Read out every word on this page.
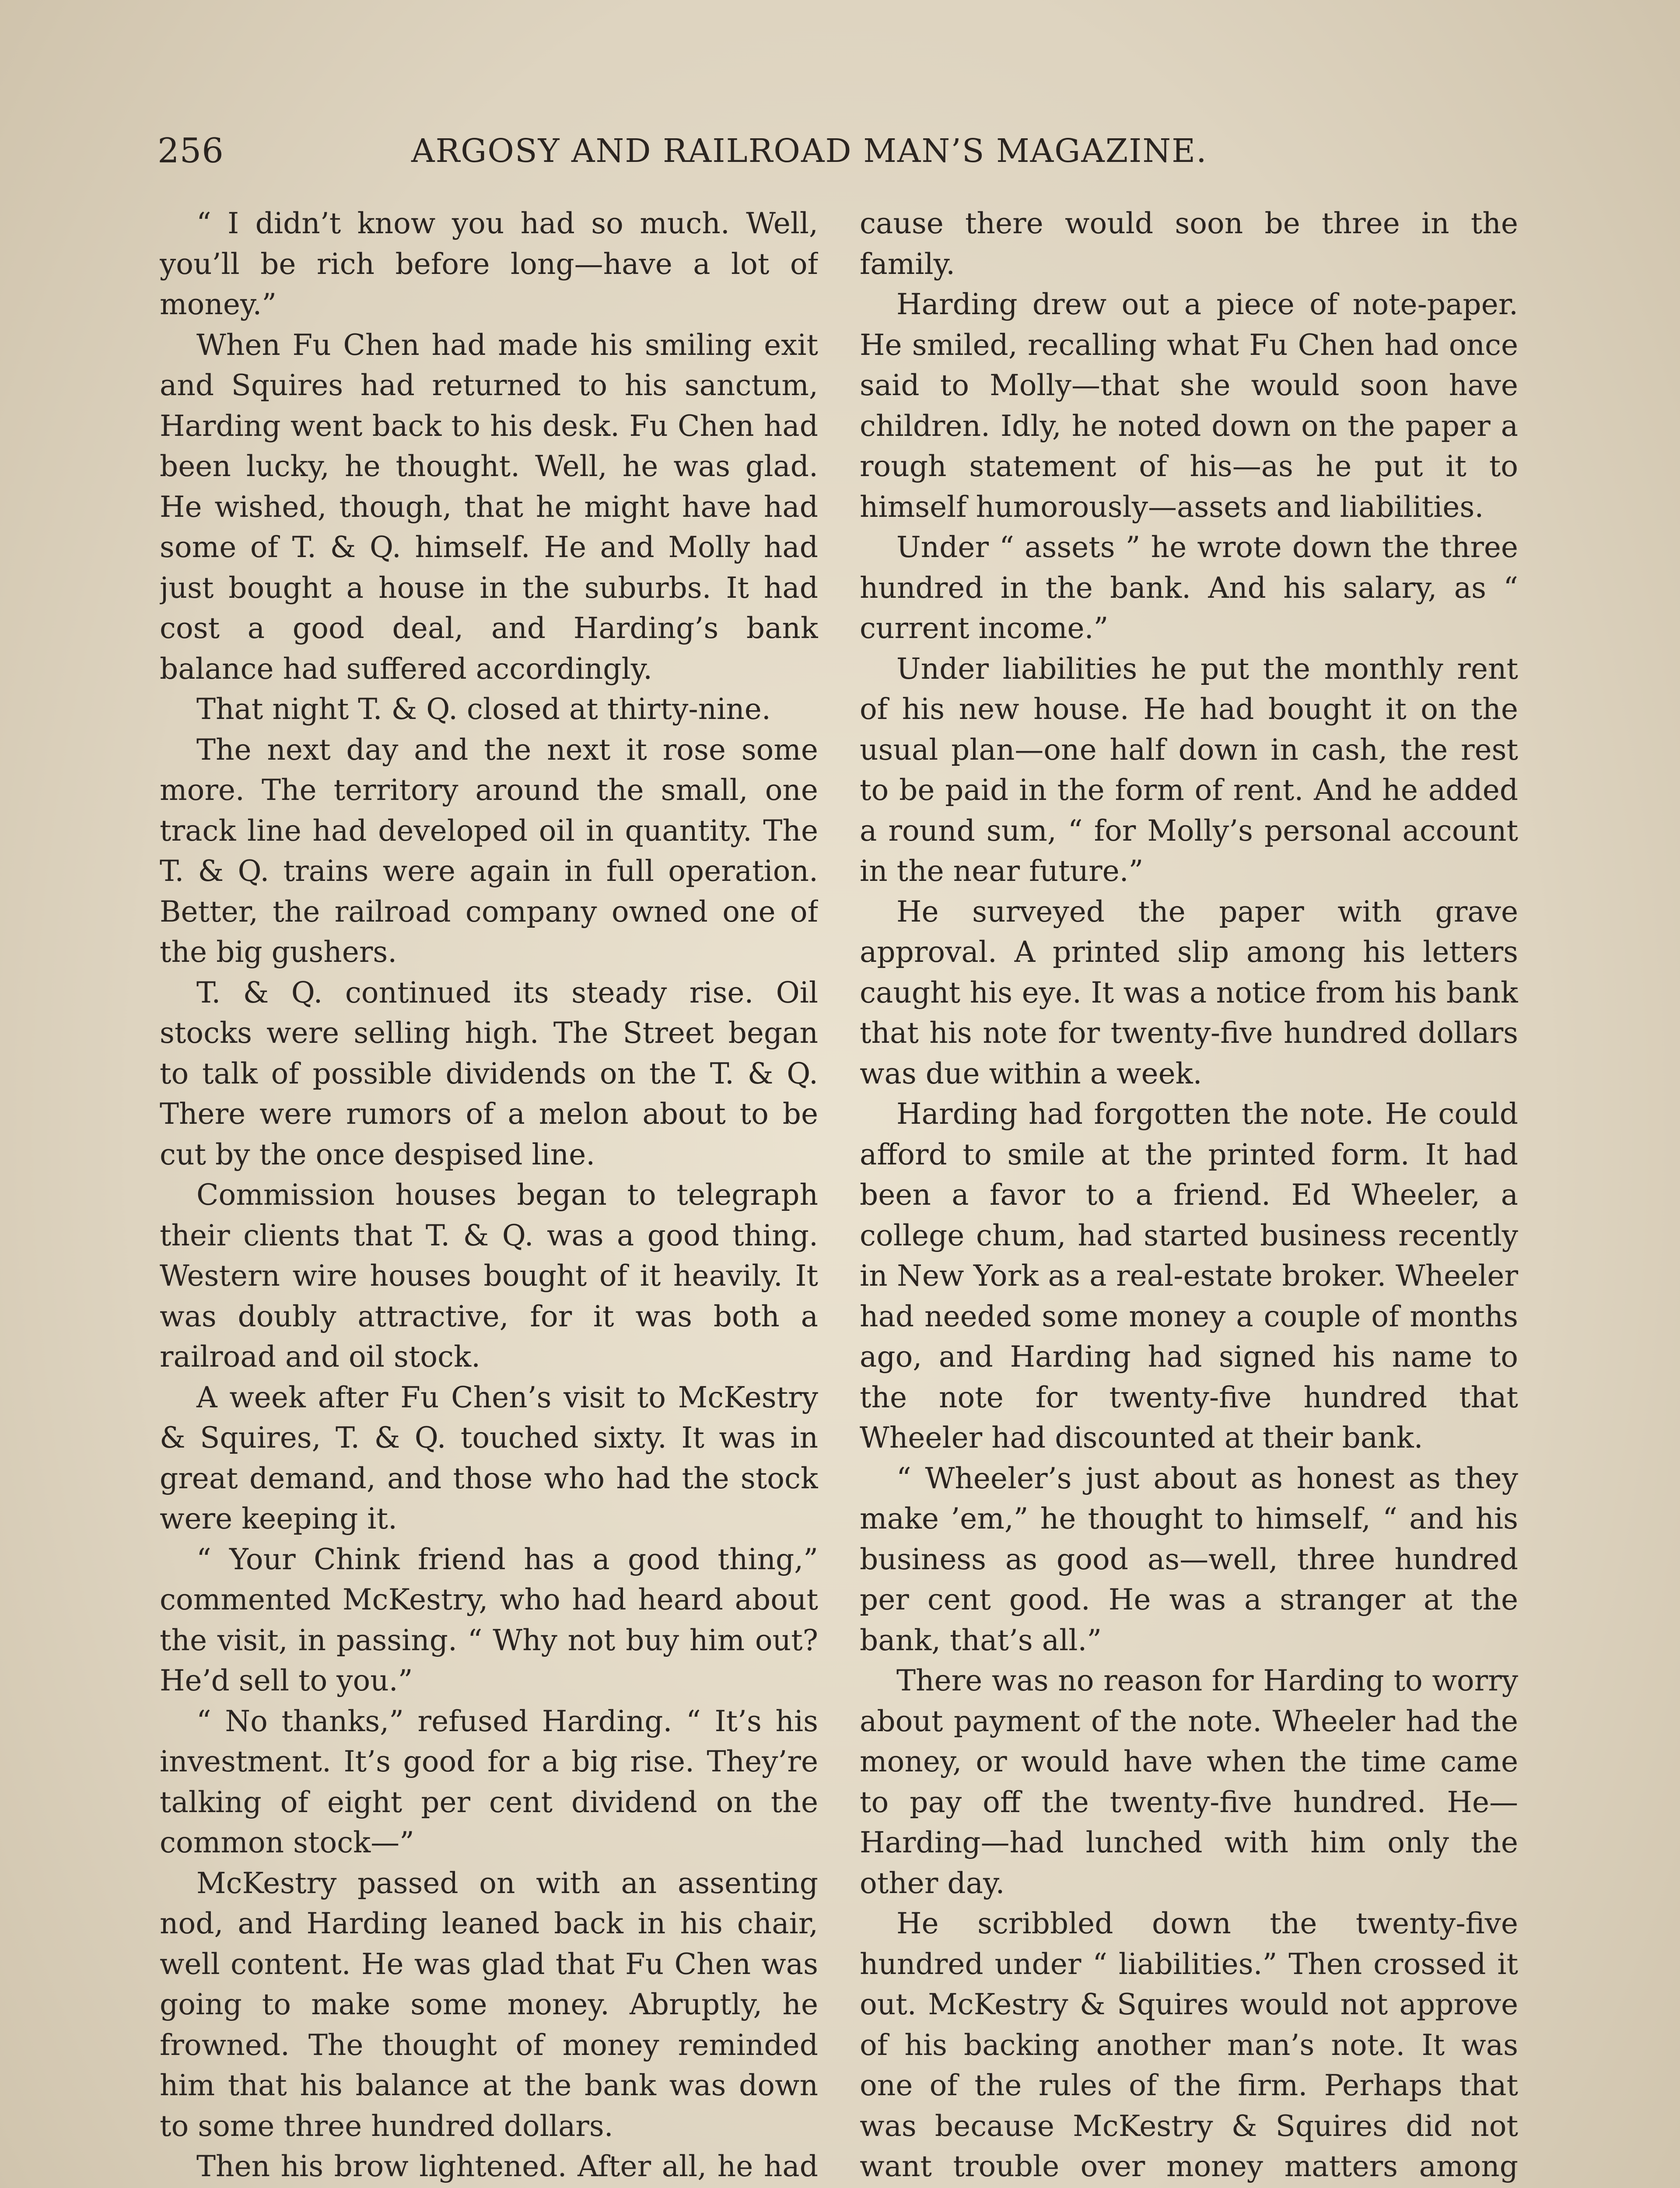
256	ARGOSY AND RAILROAD MAN’S MAGAZINE.

“ I didn’t know you had so much. Well, you’ll be rich before long—have a lot of money.”

When Fu Chen had made his smiling exit and Squires had returned to his sanctum, Harding went back to his desk. Fu Chen had been lucky, he thought. Well, he was glad. He wished, though, that he might have had some of T. & Q. himself. He and Molly had just bought a house in the suburbs. It had cost a good deal, and Harding’s bank balance had suffered accordingly.

That night T. & Q. closed at thirty-nine.

The next day and the next it rose some more. The territory around the small, one track line had developed oil in quantity. The T. & Q. trains were again in full operation. Better, the railroad company owned one of the big gushers.

T. & Q. continued its steady rise. Oil stocks were selling high. The Street began to talk of possible dividends on the T. & Q. There were rumors of a melon about to be cut by the once despised line.

Commission houses began to telegraph their clients that T. & Q. was a good thing. Western wire houses bought of it heavily. It was doubly attractive, for it was both a railroad and oil stock.

A week after Fu Chen’s visit to McKestry & Squires, T. & Q. touched sixty. It was in great demand, and those who had the stock were keeping it.

“ Your Chink friend has a good thing,” commented McKestry, who had heard about the visit, in passing. “ Why not buy him out? He’d sell to you.”

“ No thanks,” refused Harding. “ It’s his investment. It’s good for a big rise. They’re talking of eight per cent dividend on the common stock—”

McKestry passed on with an assenting nod, and Harding leaned back in his chair, well content. He was glad that Fu Chen was going to make some money. Abruptly, he frowned. The thought of money reminded him that his balance at the bank was down to some three hundred dollars.

Then his brow lightened. After all, he had

cause there would soon be three in the family.

Harding drew out a piece of note-paper. He smiled, recalling what Fu Chen had once said to Molly—that she would soon have children. Idly, he noted down on the paper a rough statement of his—as he put it to himself humorously—assets and liabilities.

Under “ assets ” he wrote down the three hundred in the bank. And his salary, as “ current income.”

Under liabilities he put the monthly rent of his new house. He had bought it on the usual plan—one half down in cash, the rest to be paid in the form of rent. And he added a round sum, “ for Molly’s personal account in the near future.”

He surveyed the paper with grave approval. A printed slip among his letters caught his eye. It was a notice from his bank that his note for twenty-five hundred dollars was due within a week.

Harding had forgotten the note. He could afford to smile at the printed form. It had been a favor to a friend. Ed Wheeler, a college chum, had started business recently in New York as a real-estate broker. Wheeler had needed some money a couple of months ago, and Harding had signed his name to the note for twenty-five hundred that Wheeler had discounted at their bank.

“ Wheeler’s just about as honest as they make ’em,” he thought to himself, “ and his business as good as—well, three hundred per cent good. He was a stranger at the bank, that’s all.”

There was no reason for Harding to worry about payment of the note. Wheeler had the money, or would have when the time came to pay off the twenty-five hundred. He—Harding—had lunched with him only the other day.

He scribbled down the twenty-five hundred under “ liabilities.” Then crossed it out. McKestry & Squires would not approve of his backing another man’s note. It was one of the rules of the firm. Perhaps that was because McKestry & Squires did not want trouble over money matters among
